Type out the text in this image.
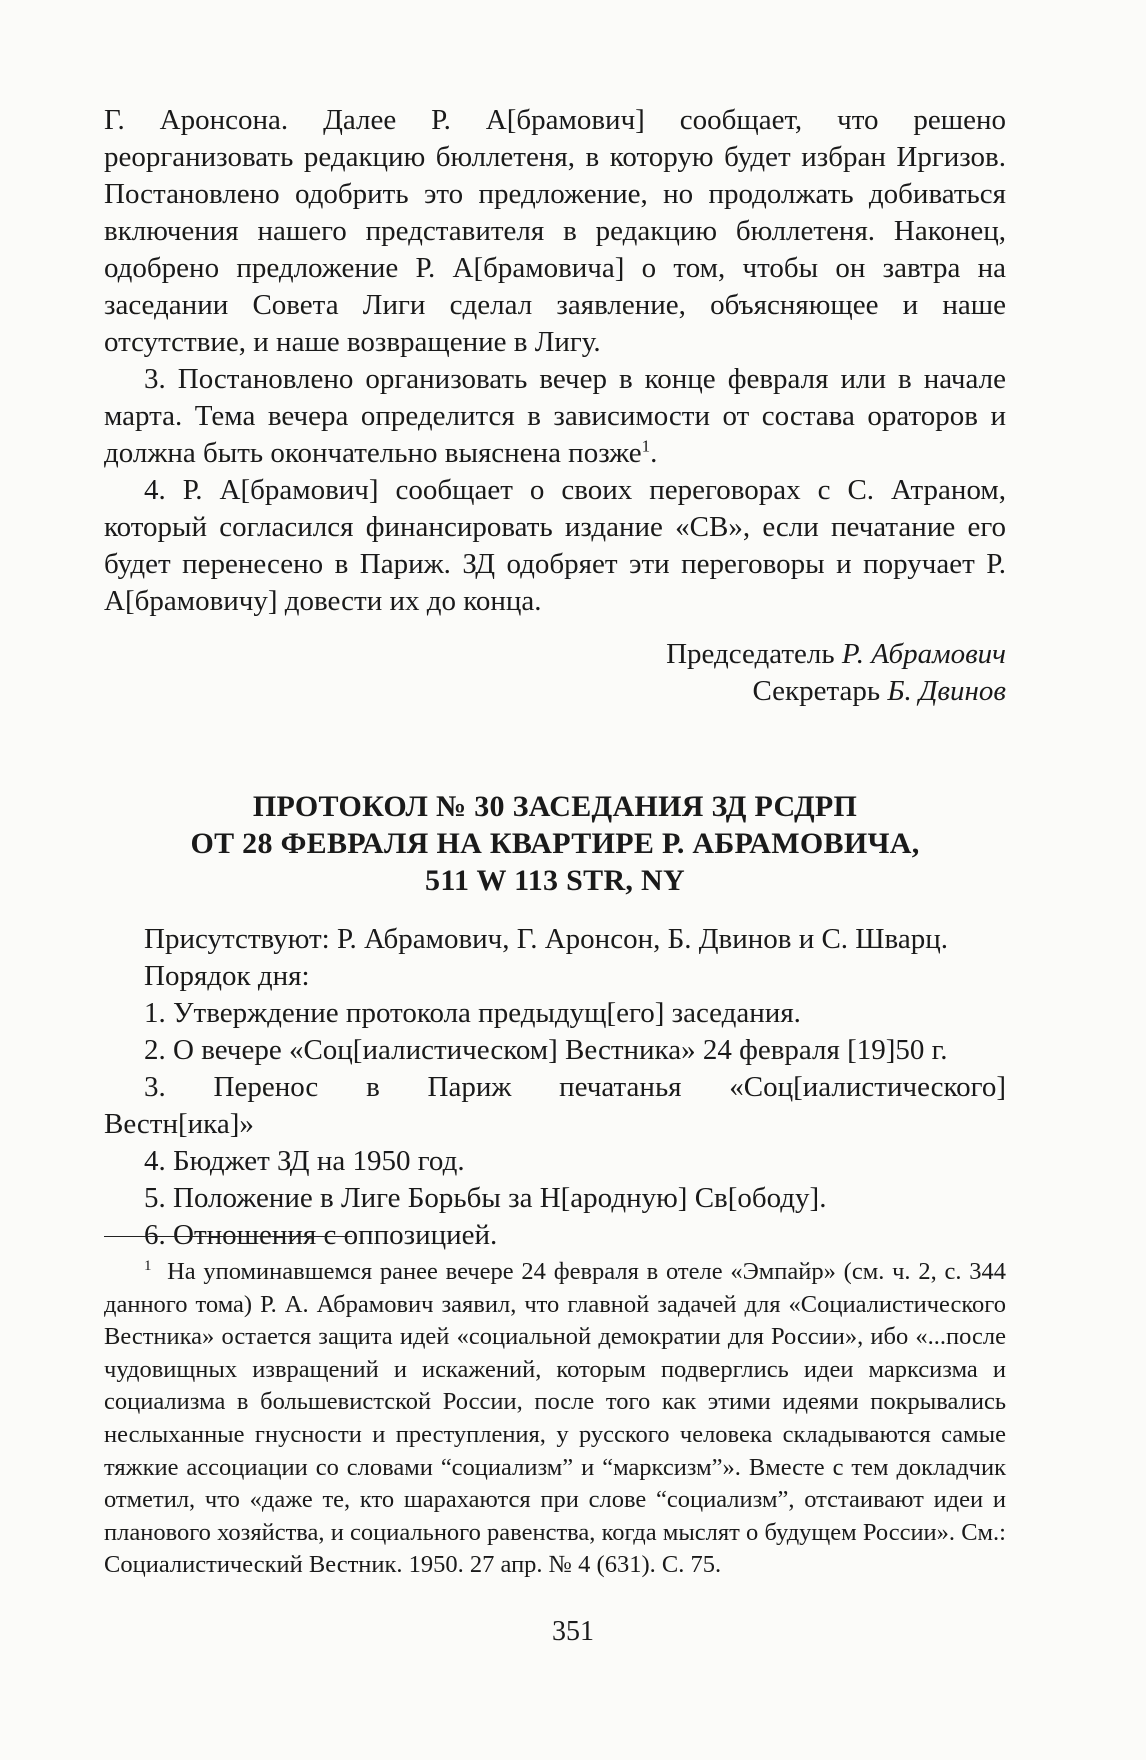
Г. Аронсона. Далее Р. А[брамович] сообщает, что решено реорганизовать редакцию бюллетеня, в которую будет избран Иргизов. Постановлено одобрить это предложение, но продолжать добиваться включения нашего представителя в редакцию бюллетеня. Наконец, одобрено предложение Р. А[брамовича] о том, чтобы он завтра на заседании Совета Лиги сделал заявление, объясняющее и наше отсутствие, и наше возвращение в Лигу.

3. Постановлено организовать вечер в конце февраля или в начале марта. Тема вечера определится в зависимости от состава ораторов и должна быть окончательно выяснена позже$^1$.

4. Р. А[брамович] сообщает о своих переговорах с С. Атраном, который согласился финансировать издание «СВ», если печатание его будет перенесено в Париж. ЗД одобряет эти переговоры и поручает Р. А[брамовичу] довести их до конца.

Председатель Р. Абрамович
Секретарь Б. Двинов
ПРОТОКОЛ № 30 ЗАСЕДАНИЯ ЗД РСДРП
ОТ 28 ФЕВРАЛЯ НА КВАРТИРЕ Р. АБРАМОВИЧА,
511 W 113 STR, NY

Присутствуют: Р. Абрамович, Г. Аронсон, Б. Двинов и С. Шварц.

Порядок дня:

1. Утверждение протокола предыдущ[его] заседания.

2. О вечере «Соц[иалистическом] Вестника» 24 февраля [19]50 г.

3. Перенос в Париж печатанья «Соц[иалистического]

Вестн[ика]»

4. Бюджет ЗД на 1950 год.

5. Положение в Лиге Борьбы за Н[ародную] Св[ободу].

6. Отношения с оппозицией.

$^1$ На упоминавшемся ранее вечере 24 февраля в отеле «Эмпайр» (см. ч. 2, с. 344 данного тома) Р. А. Абрамович заявил, что главной задачей для «Социалистического Вестника» остается защита идей «социальной демократии для России», ибо «...после чудовищных извращений и искажений, которым подверглись идеи марксизма и социализма в большевистской России, после того как этими идеями покрывались неслыханные гнусности и преступления, у русского человека складываются самые тяжкие ассоциации со словами “социализм” и “марксизм”». Вместе с тем докладчик отметил, что «даже те, кто шарахаются при слове “социализм”, отстаивают идеи и планового хозяйства, и социального равенства, когда мыслят о будущем России». См.: Социалистический Вестник. 1950. 27 апр. № 4 (631). С. 75.

351
